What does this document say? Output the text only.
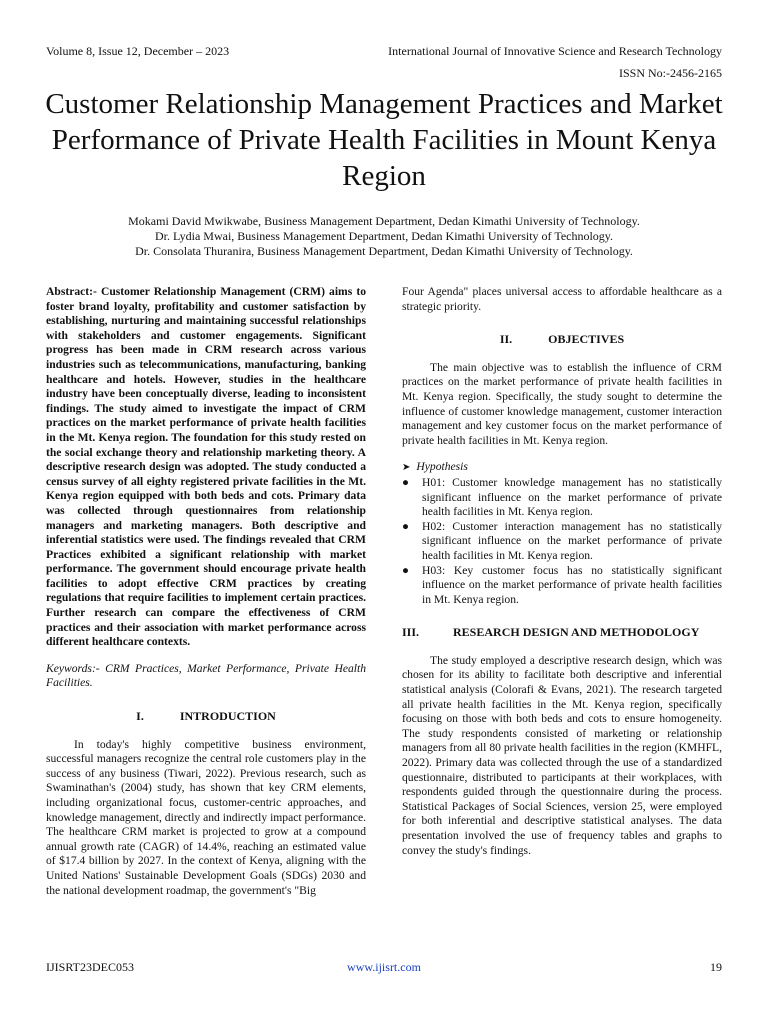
Volume 8, Issue 12, December – 2023	International Journal of Innovative Science and Research Technology
ISSN No:-2456-2165
Customer Relationship Management Practices and Market Performance of Private Health Facilities in Mount Kenya Region
Mokami David Mwikwabe, Business Management Department, Dedan Kimathi University of Technology.
Dr. Lydia Mwai, Business Management Department, Dedan Kimathi University of Technology.
Dr. Consolata Thuranira, Business Management Department, Dedan Kimathi University of Technology.

Abstract:- Customer Relationship Management (CRM) aims to foster brand loyalty, profitability and customer satisfaction by establishing, nurturing and maintaining successful relationships with stakeholders and customer engagements. Significant progress has been made in CRM research across various industries such as telecommunications, manufacturing, banking healthcare and hotels. However, studies in the healthcare industry have been conceptually diverse, leading to inconsistent findings. The study aimed to investigate the impact of CRM practices on the market performance of private health facilities in the Mt. Kenya region. The foundation for this study rested on the social exchange theory and relationship marketing theory. A descriptive research design was adopted. The study conducted a census survey of all eighty registered private facilities in the Mt. Kenya region equipped with both beds and cots. Primary data was collected through questionnaires from relationship managers and marketing managers. Both descriptive and inferential statistics were used. The findings revealed that CRM Practices exhibited a significant relationship with market performance. The government should encourage private health facilities to adopt effective CRM practices by creating regulations that require facilities to implement certain practices. Further research can compare the effectiveness of CRM practices and their association with market performance across different healthcare contexts.

Keywords:- CRM Practices, Market Performance, Private Health Facilities.

I.	INTRODUCTION

In today's highly competitive business environment, successful managers recognize the central role customers play in the success of any business (Tiwari, 2022). Previous research, such as Swaminathan's (2004) study, has shown that key CRM elements, including organizational focus, customer-centric approaches, and knowledge management, directly and indirectly impact performance. The healthcare CRM market is projected to grow at a compound annual growth rate (CAGR) of 14.4%, reaching an estimated value of $17.4 billion by 2027. In the context of Kenya, aligning with the United Nations' Sustainable Development Goals (SDGs) 2030 and the national development roadmap, the government's "Big

Four Agenda" places universal access to affordable healthcare as a strategic priority.

II.	OBJECTIVES

The main objective was to establish the influence of CRM practices on the market performance of private health facilities in Mt. Kenya region. Specifically, the study sought to determine the influence of customer knowledge management, customer interaction management and key customer focus on the market performance of private health facilities in Mt. Kenya region.

➤ Hypothesis
● H01: Customer knowledge management has no statistically significant influence on the market performance of private health facilities in Mt. Kenya region.
● H02: Customer interaction management has no statistically significant influence on the market performance of private health facilities in Mt. Kenya region.
● H03: Key customer focus has no statistically significant influence on the market performance of private health facilities in Mt. Kenya region.
III.	RESEARCH DESIGN AND METHODOLOGY

The study employed a descriptive research design, which was chosen for its ability to facilitate both descriptive and inferential statistical analysis (Colorafi & Evans, 2021). The research targeted all private health facilities in the Mt. Kenya region, specifically focusing on those with both beds and cots to ensure homogeneity. The study respondents consisted of marketing or relationship managers from all 80 private health facilities in the region (KMHFL, 2022). Primary data was collected through the use of a standardized questionnaire, distributed to participants at their workplaces, with respondents guided through the questionnaire during the process. Statistical Packages of Social Sciences, version 25, were employed for both inferential and descriptive statistical analyses. The data presentation involved the use of frequency tables and graphs to convey the study's findings.

IJISRT23DEC053	www.ijisrt.com	19
